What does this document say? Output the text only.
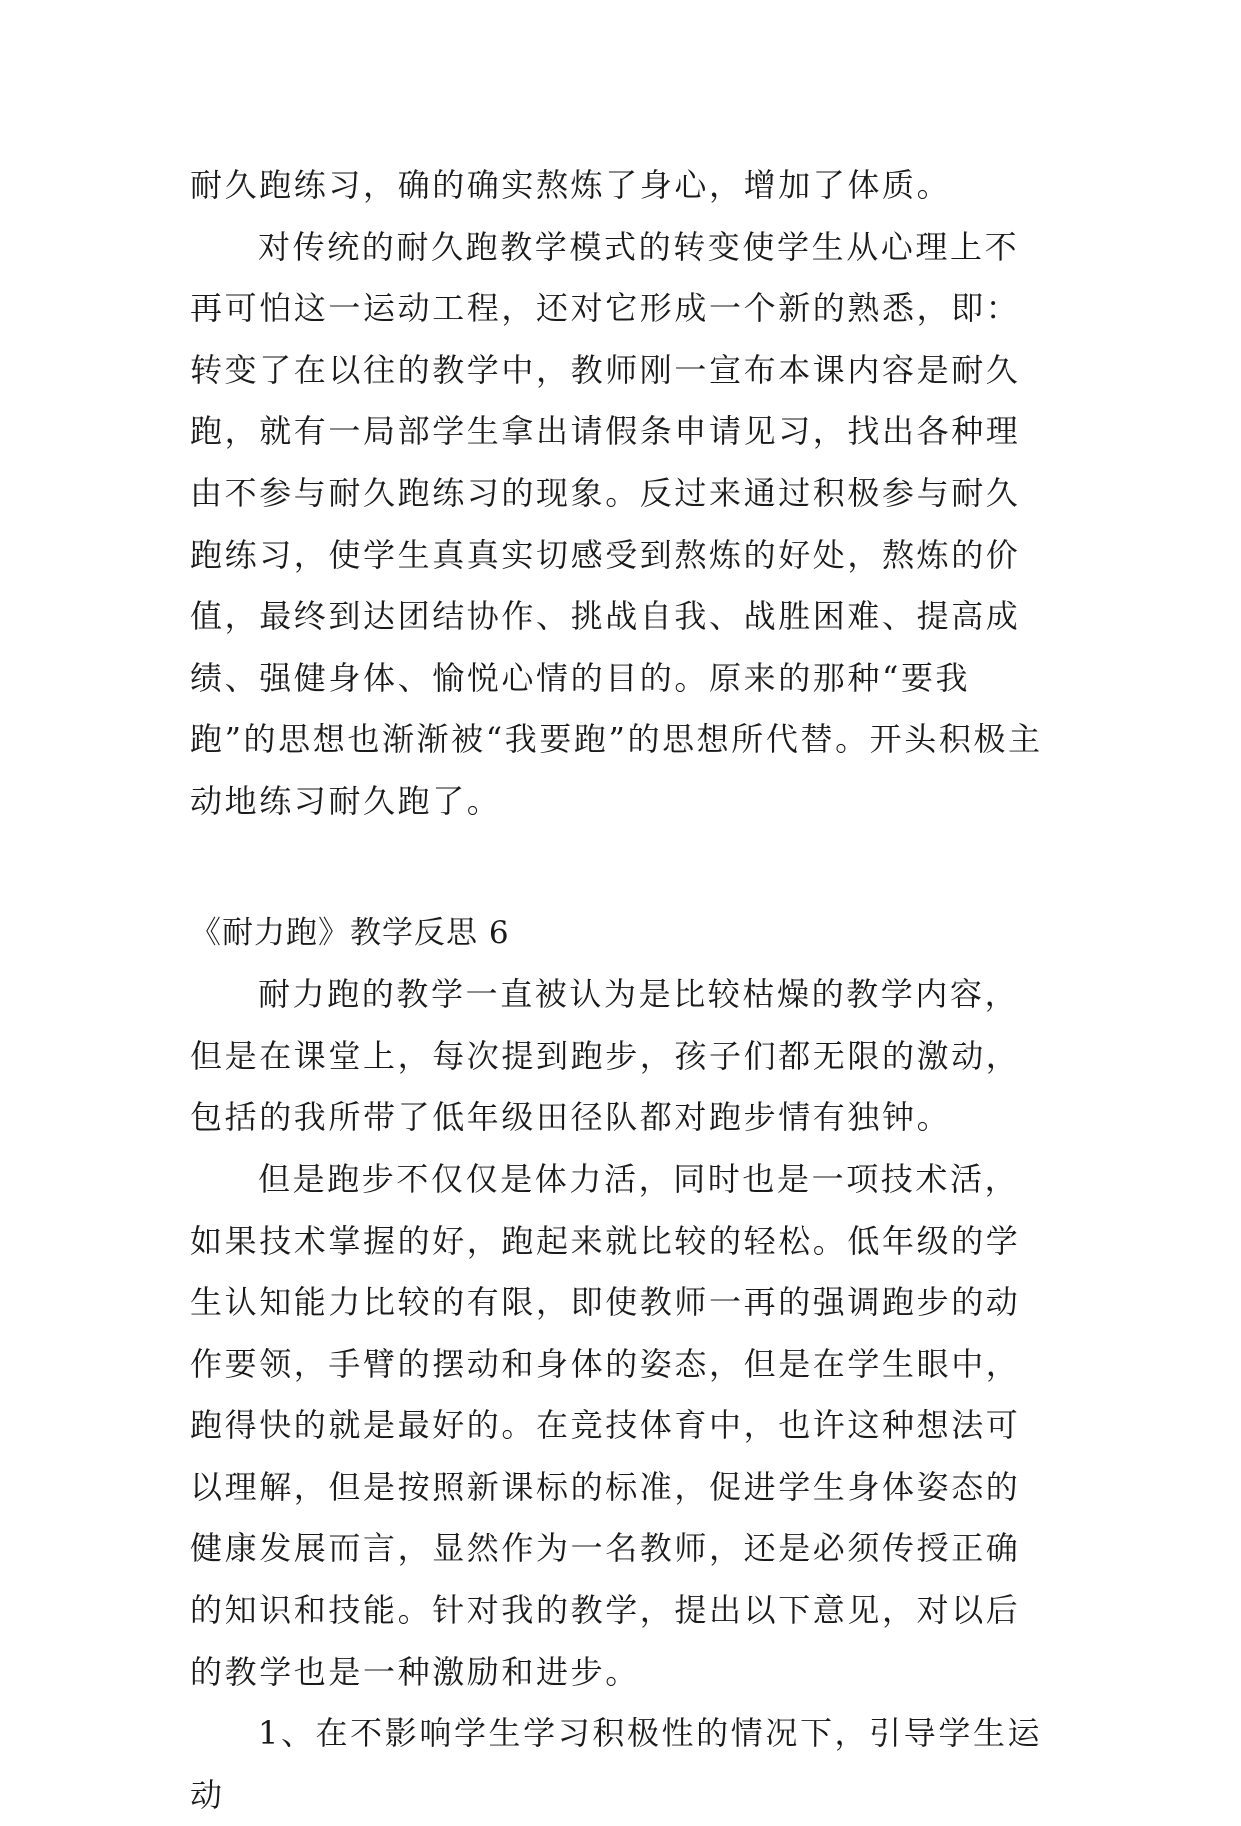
耐久跑练习，确的确实熬炼了身心，增加了体质。

对传统的耐久跑教学模式的转变使学生从心理上不再可怕这一运动工程，还对它形成一个新的熟悉，即：转变了在以往的教学中，教师刚一宣布本课内容是耐久跑，就有一局部学生拿出请假条申请见习，找出各种理由不参与耐久跑练习的现象。反过来通过积极参与耐久跑练习，使学生真真实切感受到熬炼的好处，熬炼的价值，最终到达团结协作、挑战自我、战胜困难、提高成绩、强健身体、愉悦心情的目的。原来的那种“要我跑”的思想也渐渐被“我要跑”的思想所代替。开头积极主动地练习耐久跑了。

《耐力跑》教学反思 6

耐力跑的教学一直被认为是比较枯燥的教学内容，但是在课堂上，每次提到跑步，孩子们都无限的激动，包括的我所带了低年级田径队都对跑步情有独钟。

但是跑步不仅仅是体力活，同时也是一项技术活，如果技术掌握的好，跑起来就比较的轻松。低年级的学生认知能力比较的有限，即使教师一再的强调跑步的动作要领，手臂的摆动和身体的姿态，但是在学生眼中，跑得快的就是最好的。在竞技体育中，也许这种想法可以理解，但是按照新课标的标准，促进学生身体姿态的健康发展而言，显然作为一名教师，还是必须传授正确的知识和技能。针对我的教学，提出以下意见，对以后的教学也是一种激励和进步。

1、在不影响学生学习积极性的情况下，引导学生运动
